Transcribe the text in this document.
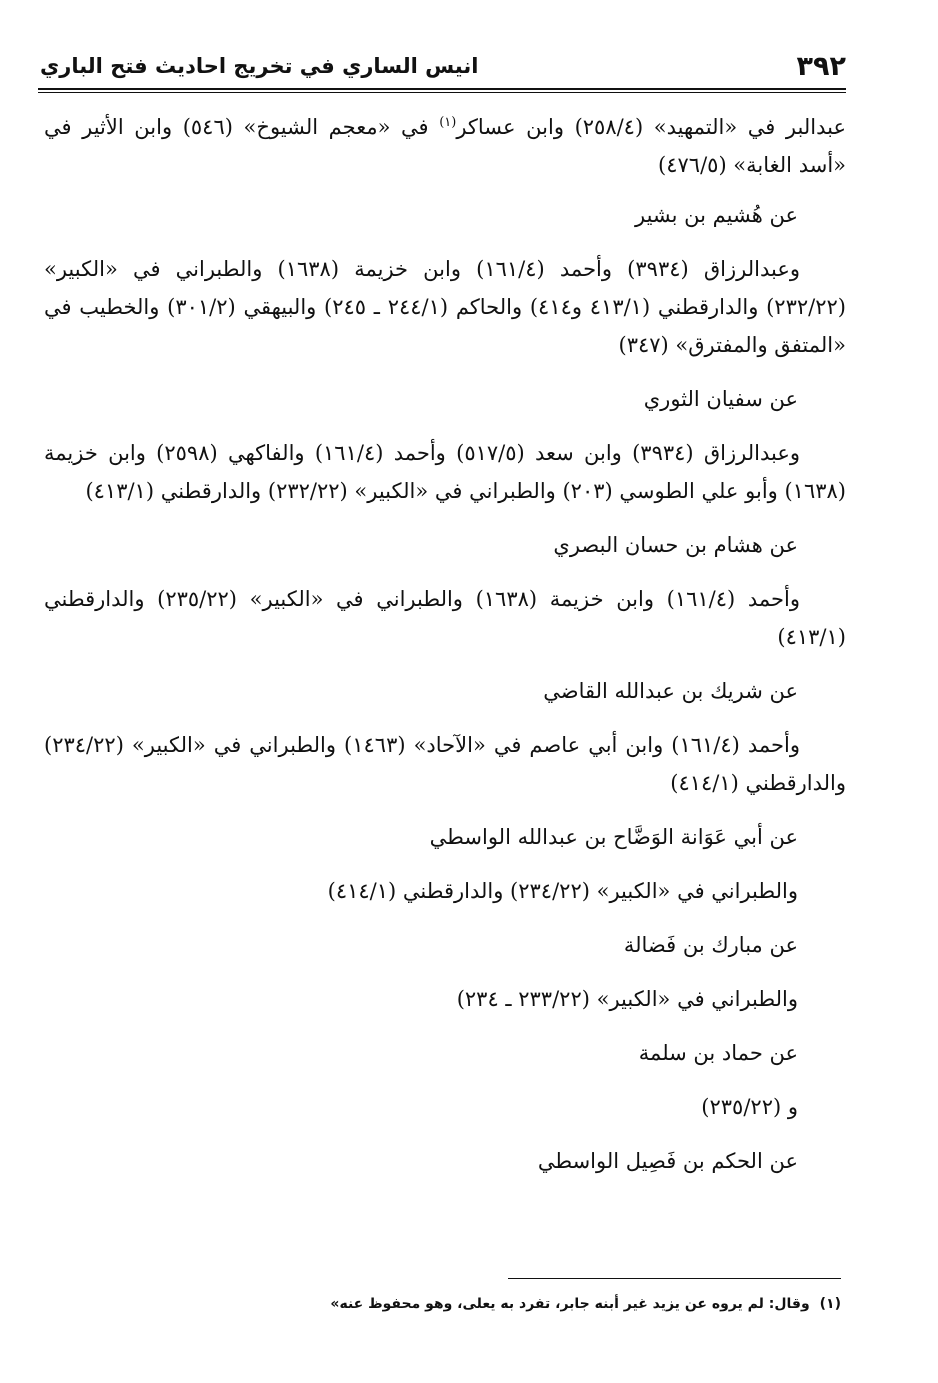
٣٩٢
انيس الساري في تخريج احاديث فتح الباري

عبدالبر في «التمهيد» (٢٥٨/٤) وابن عساكر$^{(١)}$ في «معجم الشيوخ» (٥٤٦) وابن الأثير في «أسد الغابة» (٤٧٦/٥)

عن هُشيم بن بشير

وعبدالرزاق (٣٩٣٤) وأحمد (١٦١/٤) وابن خزيمة (١٦٣٨) والطبراني في «الكبير» (٢٣٢/٢٢) والدارقطني (٤١٣/١ و٤١٤) والحاكم (٢٤٤/١ ـ ٢٤٥) والبيهقي (٣٠١/٢) والخطيب في «المتفق والمفترق» (٣٤٧)

عن سفيان الثوري

وعبدالرزاق (٣٩٣٤) وابن سعد (٥١٧/٥) وأحمد (١٦١/٤) والفاكهي (٢٥٩٨) وابن خزيمة (١٦٣٨) وأبو علي الطوسي (٢٠٣) والطبراني في «الكبير» (٢٣٢/٢٢) والدارقطني (٤١٣/١)

عن هشام بن حسان البصري

وأحمد (١٦١/٤) وابن خزيمة (١٦٣٨) والطبراني في «الكبير» (٢٣٥/٢٢) والدارقطني (٤١٣/١)

عن شريك بن عبدالله القاضي

وأحمد (١٦١/٤) وابن أبي عاصم في «الآحاد» (١٤٦٣) والطبراني في «الكبير» (٢٣٤/٢٢) والدارقطني (٤١٤/١)

عن أبي عَوَانة الوَضَّاح بن عبدالله الواسطي

والطبراني في «الكبير» (٢٣٤/٢٢) والدارقطني (٤١٤/١)

عن مبارك بن فَضالة

والطبراني في «الكبير» (٢٣٣/٢٢ ـ ٢٣٤)

عن حماد بن سلمة

و (٢٣٥/٢٢)

عن الحكم بن فَصِيل الواسطي

(١)وقال: لم يروه عن يزيد غير أبنه جابر، تفرد به يعلى، وهو محفوظ عنه»
